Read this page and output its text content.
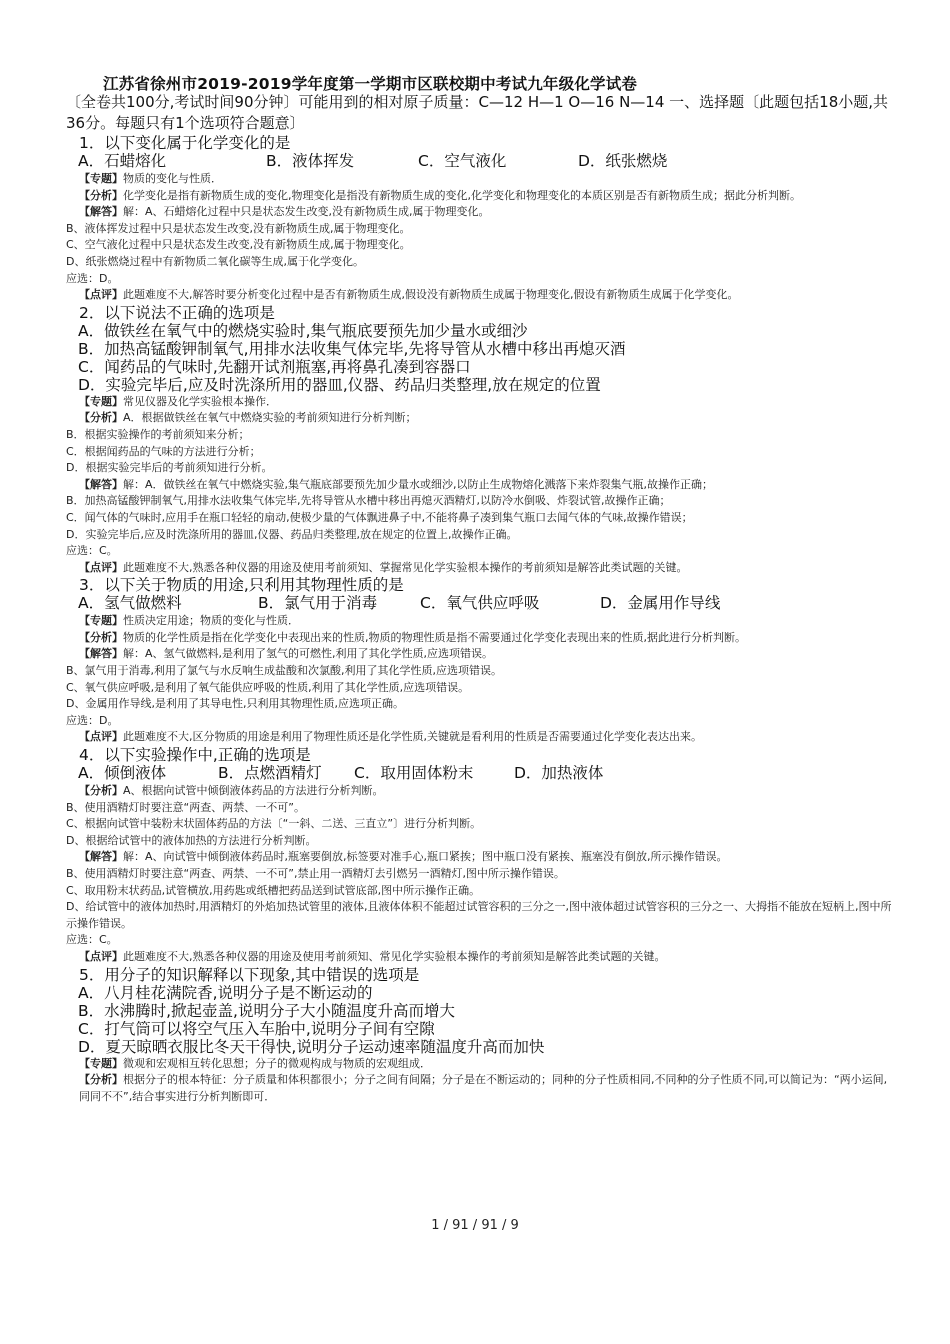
江苏省徐州市2019-2019学年度第一学期市区联校期中考试九年级化学试卷
〔全卷共100分,考试时间90分钟〕可能用到的相对原子质量：C—12 H—1 O—16 N—14 一、选择题〔此题包括18小题,共36分。每题只有1个选项符合题意〕
1．以下变化属于化学变化的是
A．石蜡熔化	B．液体挥发	C．空气液化	D．纸张燃烧
【专题】物质的变化与性质．
【分析】化学变化是指有新物质生成的变化,物理变化是指没有新物质生成的变化,化学变化和物理变化的本质区别是否有新物质生成；据此分析判断。
【解答】解：A、石蜡熔化过程中只是状态发生改变,没有新物质生成,属于物理变化。
B、液体挥发过程中只是状态发生改变,没有新物质生成,属于物理变化。
C、空气液化过程中只是状态发生改变,没有新物质生成,属于物理变化。
D、纸张燃烧过程中有新物质二氧化碳等生成,属于化学变化。
应选：D。
【点评】此题难度不大,解答时要分析变化过程中是否有新物质生成,假设没有新物质生成属于物理变化,假设有新物质生成属于化学变化。
2．以下说法不正确的选项是
A．做铁丝在氧气中的燃烧实验时,集气瓶底要预先加少量水或细沙
B．加热高锰酸钾制氧气,用排水法收集气体完毕,先将导管从水槽中移出再熄灭酒
C．闻药品的气味时,先翻开试剂瓶塞,再将鼻孔凑到容器口
D．实验完毕后,应及时洗涤所用的器皿,仪器、药品归类整理,放在规定的位置
【专题】常见仪器及化学实验根本操作．
【分析】A．根据做铁丝在氧气中燃烧实验的考前须知进行分析判断；
B．根据实验操作的考前须知来分析；
C．根据闻药品的气味的方法进行分析；
D．根据实验完毕后的考前须知进行分析。
【解答】解：A．做铁丝在氧气中燃烧实验,集气瓶底部要预先加少量水或细沙,以防止生成物熔化溅落下来炸裂集气瓶,故操作正确；
B．加热高锰酸钾制氧气,用排水法收集气体完毕,先将导管从水槽中移出再熄灭酒精灯,以防冷水倒吸、炸裂试管,故操作正确；
C．闻气体的气味时,应用手在瓶口轻轻的扇动,使极少量的气体飘进鼻子中,不能将鼻子凑到集气瓶口去闻气体的气味,故操作错误；
D．实验完毕后,应及时洗涤所用的器皿,仪器、药品归类整理,放在规定的位置上,故操作正确。
应选：C。
【点评】此题难度不大,熟悉各种仪器的用途及使用考前须知、掌握常见化学实验根本操作的考前须知是解答此类试题的关键。
3．以下关于物质的用途,只利用其物理性质的是
A．氢气做燃料	B．氯气用于消毒	C．氧气供应呼吸	D．金属用作导线
【专题】性质决定用途；物质的变化与性质．
【分析】物质的化学性质是指在化学变化中表现出来的性质,物质的物理性质是指不需要通过化学变化表现出来的性质,据此进行分析判断。
【解答】解：A、氢气做燃料,是利用了氢气的可燃性,利用了其化学性质,应选项错误。
B、氯气用于消毒,利用了氯气与水反响生成盐酸和次氯酸,利用了其化学性质,应选项错误。
C、氧气供应呼吸,是利用了氧气能供应呼吸的性质,利用了其化学性质,应选项错误。
D、金属用作导线,是利用了其导电性,只利用其物理性质,应选项正确。
应选：D。
【点评】此题难度不大,区分物质的用途是利用了物理性质还是化学性质,关键就是看利用的性质是否需要通过化学变化表达出来。
4．以下实验操作中,正确的选项是
A．倾倒液体	B．点燃酒精灯 C．取用固体粉末	D．加热液体
【分析】A、根据向试管中倾倒液体药品的方法进行分析判断。
B、使用酒精灯时要注意“两查、两禁、一不可”。
C、根据向试管中装粉末状固体药品的方法〔“一斜、二送、三直立”〕进行分析判断。
D、根据给试管中的液体加热的方法进行分析判断。
【解答】解：A、向试管中倾倒液体药品时,瓶塞要倒放,标签要对准手心,瓶口紧挨；图中瓶口没有紧挨、瓶塞没有倒放,所示操作错误。
B、使用酒精灯时要注意“两查、两禁、一不可”,禁止用一酒精灯去引燃另一酒精灯,图中所示操作错误。
C、取用粉末状药品,试管横放,用药匙或纸槽把药品送到试管底部,图中所示操作正确。
D、给试管中的液体加热时,用酒精灯的外焰加热试管里的液体,且液体体积不能超过试管容积的三分之一,图中液体超过试管容积的三分之一、大拇指不能放在短柄上,图中所示操作错误。
应选：C。
【点评】此题难度不大,熟悉各种仪器的用途及使用考前须知、常见化学实验根本操作的考前须知是解答此类试题的关键。
5．用分子的知识解释以下现象,其中错误的选项是
A．八月桂花满院香,说明分子是不断运动的
B．水沸腾时,掀起壶盖,说明分子大小随温度升高而增大
C．打气筒可以将空气压入车胎中,说明分子间有空隙
D．夏天晾晒衣服比冬天干得快,说明分子运动速率随温度升高而加快
【专题】微观和宏观相互转化思想；分子的微观构成与物质的宏观组成．
【分析】根据分子的根本特征：分子质量和体积都很小；分子之间有间隔；分子是在不断运动的；同种的分子性质相同,不同种的分子性质不同,可以简记为：“两小运间,同同不不”,结合事实进行分析判断即可．
1 / 91 / 91 / 9
